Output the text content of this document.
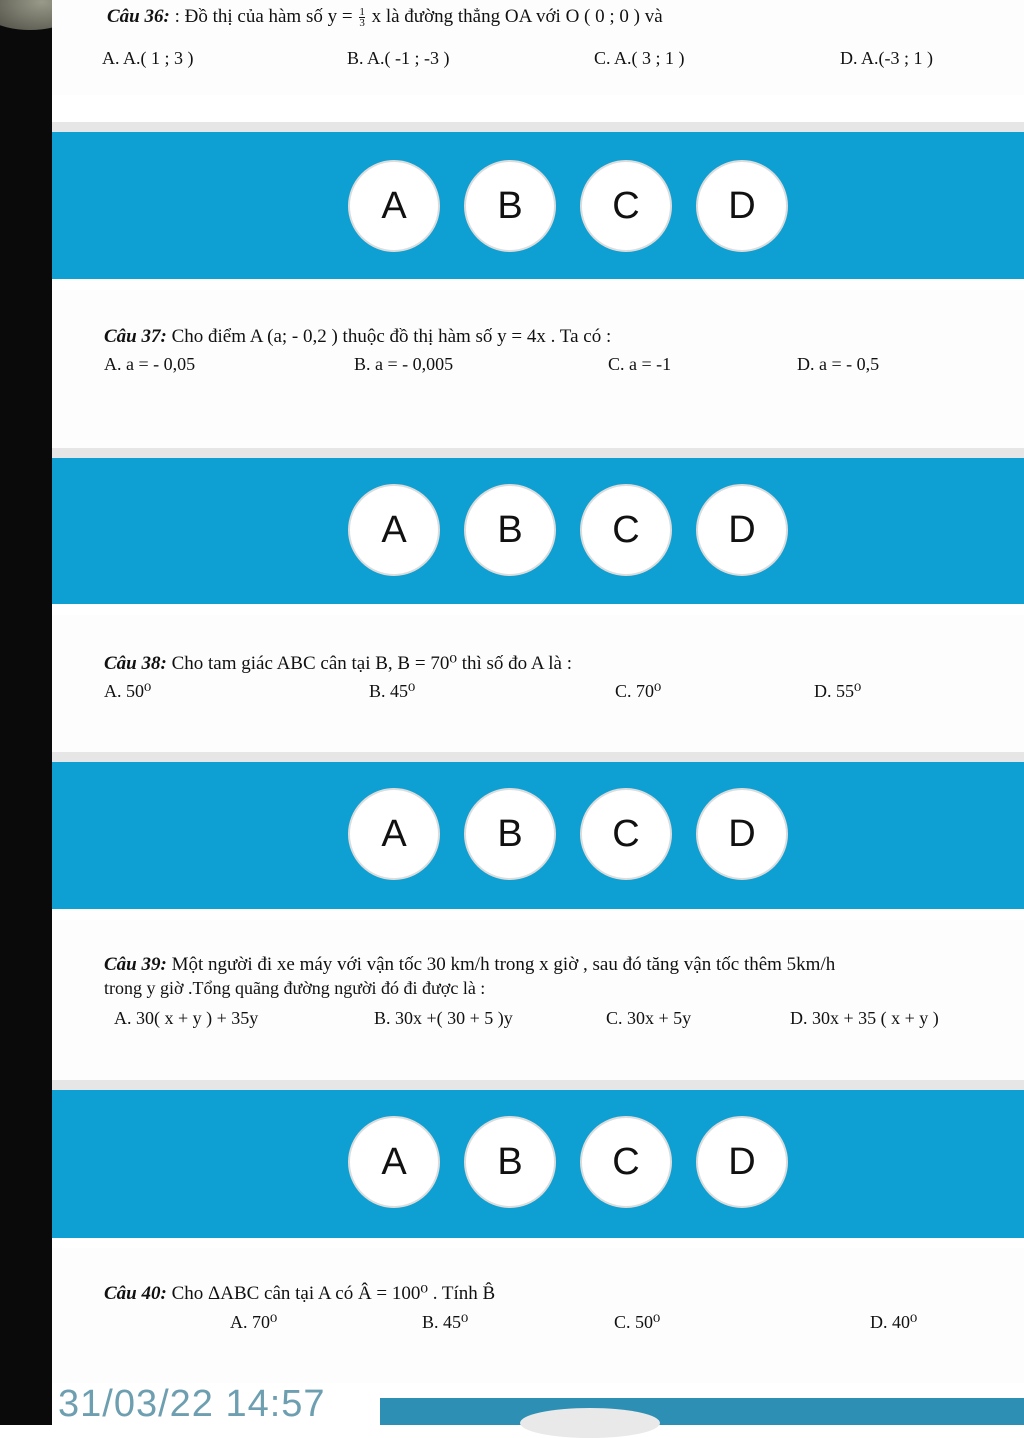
Câu 36: : Đồ thị của hàm số $y = \frac{1}{3}$ x là đường thẳng OA với O ( 0 ; 0 ) và
A. A.( 1 ; 3 )	B. A.( -1 ; -3 )	C. A.( 3 ; 1 )	D. A.(-3 ; 1 )
A	B	C	D
Câu 37: Cho điểm A (a; - 0,2 ) thuộc đồ thị hàm số y = 4x . Ta có :
A. a = - 0,05	B. a = - 0,005	C. a = -1	D. a = - 0,5
A	B	C	D
Câu 38: Cho tam giác ABC cân tại B, B = 70⁰ thì số đo A là :
A. 50⁰	B. 45⁰	C. 70⁰	D. 55⁰
A	B	C	D
Câu 39: Một người đi xe máy với vận tốc 30 km/h trong x giờ , sau đó tăng vận tốc thêm 5km/h
trong y giờ .Tổng quãng đường người đó đi được là :
A. 30( x + y ) + 35y	B. 30x +( 30 + 5 )y	C. 30x + 5y	D. 30x + 35 ( x + y )
A	B	C	D
Câu 40: Cho ΔABC cân tại A có Â = 100⁰ . Tính B̂
A. 70⁰	B. 45⁰	C. 50⁰	D. 40⁰
31/03/22 14:57
